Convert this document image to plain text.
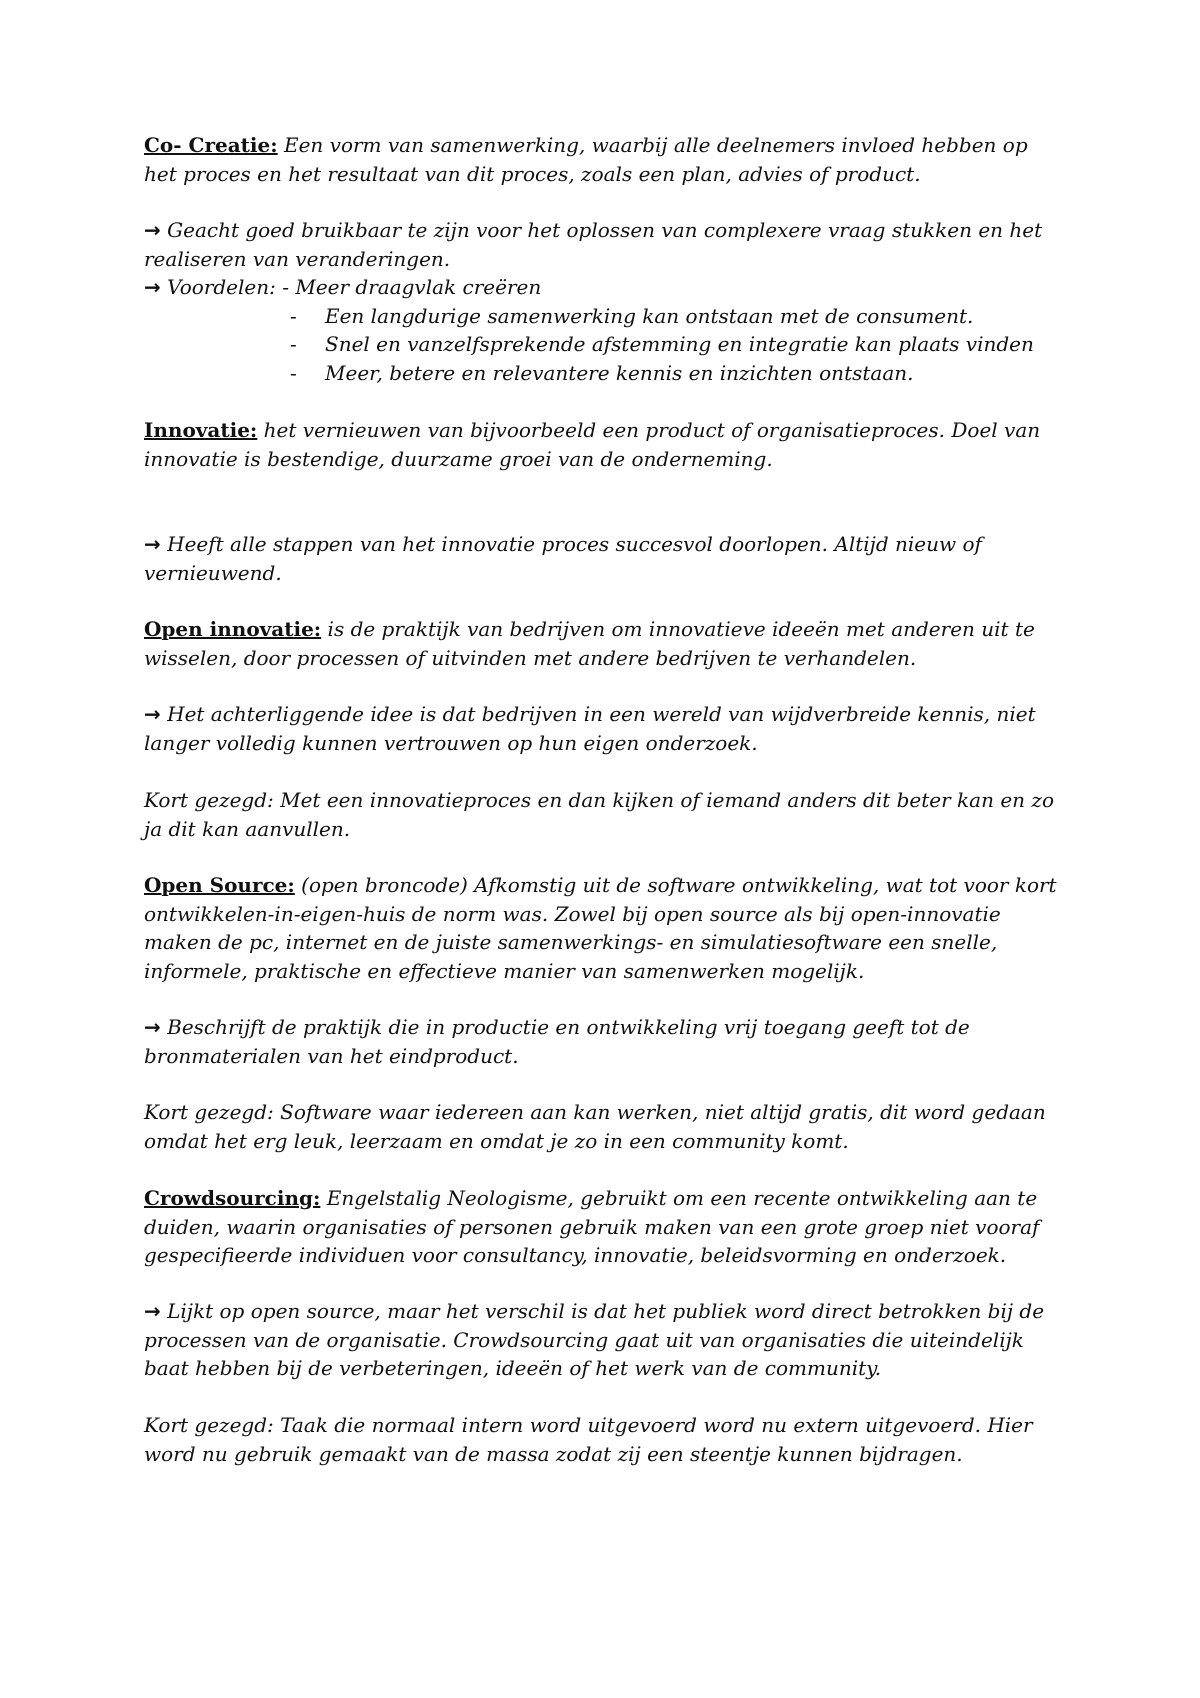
Co- Creatie: Een vorm van samenwerking, waarbij alle deelnemers invloed hebben op het proces en het resultaat van dit proces, zoals een plan, advies of product.
→ Geacht goed bruikbaar te zijn voor het oplossen van complexere vraag stukken en het realiseren van veranderingen.
→ Voordelen: - Meer draagvlak creëren
- Een langdurige samenwerking kan ontstaan met de consument.
- Snel en vanzelfsprekende afstemming en integratie kan plaats vinden
- Meer, betere en relevantere kennis en inzichten ontstaan.
Innovatie: het vernieuwen van bijvoorbeeld een product of organisatieproces. Doel van innovatie is bestendige, duurzame groei van de onderneming.
→ Heeft alle stappen van het innovatie proces succesvol doorlopen. Altijd nieuw of vernieuwend.
Open innovatie: is de praktijk van bedrijven om innovatieve ideeën met anderen uit te wisselen, door processen of uitvinden met andere bedrijven te verhandelen.
→ Het achterliggende idee is dat bedrijven in een wereld van wijdverbreide kennis, niet langer volledig kunnen vertrouwen op hun eigen onderzoek.
Kort gezegd: Met een innovatieproces en dan kijken of iemand anders dit beter kan en zo ja dit kan aanvullen.
Open Source: (open broncode) Afkomstig uit de software ontwikkeling, wat tot voor kort ontwikkelen-in-eigen-huis de norm was. Zowel bij open source als bij open-innovatie maken de pc, internet en de juiste samenwerkings- en simulatiesoftware een snelle, informele, praktische en effectieve manier van samenwerken mogelijk.
→ Beschrijft de praktijk die in productie en ontwikkeling vrij toegang geeft tot de bronmaterialen van het eindproduct.
Kort gezegd: Software waar iedereen aan kan werken, niet altijd gratis, dit word gedaan omdat het erg leuk, leerzaam en omdat je zo in een community komt.
Crowdsourcing: Engelstalig Neologisme, gebruikt om een recente ontwikkeling aan te duiden, waarin organisaties of personen gebruik maken van een grote groep niet vooraf gespecifieerde individuen voor consultancy, innovatie, beleidsvorming en onderzoek.
→ Lijkt op open source, maar het verschil is dat het publiek word direct betrokken bij de processen van de organisatie. Crowdsourcing gaat uit van organisaties die uiteindelijk baat hebben bij de verbeteringen, ideeën of het werk van de community.
Kort gezegd: Taak die normaal intern word uitgevoerd word nu extern uitgevoerd. Hier word nu gebruik gemaakt van de massa zodat zij een steentje kunnen bijdragen.
